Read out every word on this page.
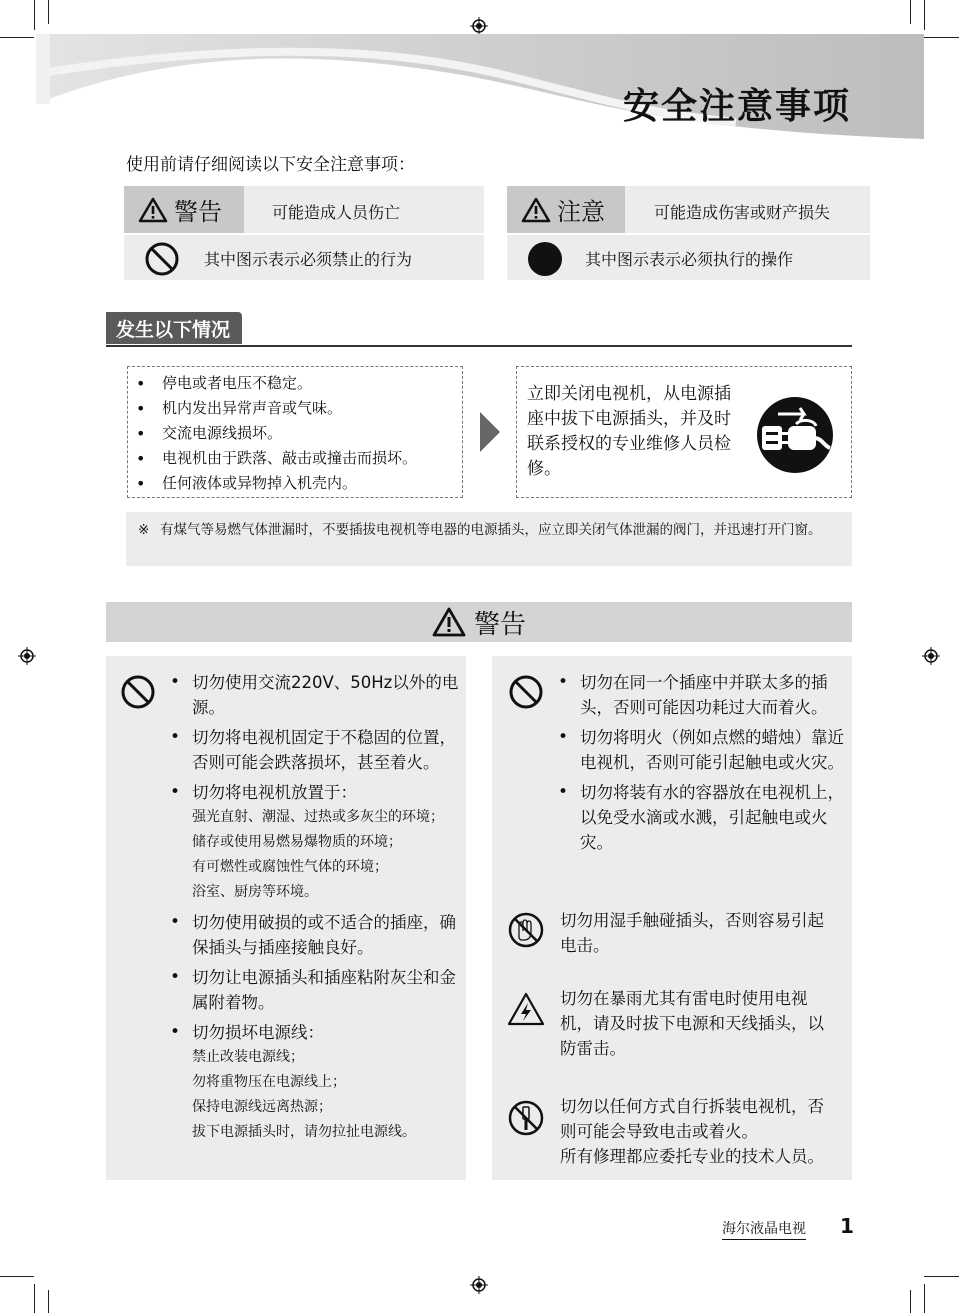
安全注意事项
使用前请仔细阅读以下安全注意事项：
警告	可能造成人员伤亡
其中图示表示必须禁止的行为
注意	可能造成伤害或财产损失
其中图示表示必须执行的操作
发生以下情况
• 停电或者电压不稳定。
• 机内发出异常声音或气味。
• 交流电源线损坏。
• 电视机由于跌落、敲击或撞击而损坏。
• 任何液体或异物掉入机壳内。
立即关闭电视机，从电源插座中拔下电源插头，并及时联系授权的专业维修人员检修。
※ 有煤气等易燃气体泄漏时，不要插拔电视机等电器的电源插头，应立即关闭气体泄漏的阀门，并迅速打开门窗。
警告
• 切勿使用交流220V、50Hz以外的电源。
• 切勿将电视机固定于不稳固的位置，否则可能会跌落损坏，甚至着火。
• 切勿将电视机放置于：
强光直射、潮湿、过热或多灰尘的环境；
储存或使用易燃易爆物质的环境；
有可燃性或腐蚀性气体的环境；
浴室、厨房等环境。
• 切勿使用破损的或不适合的插座，确保插头与插座接触良好。
• 切勿让电源插头和插座粘附灰尘和金属附着物。
• 切勿损坏电源线：
禁止改装电源线；
勿将重物压在电源线上；
保持电源线远离热源；
拔下电源插头时，请勿拉扯电源线。
• 切勿在同一个插座中并联太多的插头，否则可能因功耗过大而着火。
• 切勿将明火（例如点燃的蜡烛）靠近电视机，否则可能引起触电或火灾。
• 切勿将装有水的容器放在电视机上，以免受水滴或水溅，引起触电或火灾。
切勿用湿手触碰插头，否则容易引起电击。
切勿在暴雨尤其有雷电时使用电视机，请及时拔下电源和天线插头，以防雷击。
切勿以任何方式自行拆装电视机，否则可能会导致电击或着火。
所有修理都应委托专业的技术人员。
海尔液晶电视 1
